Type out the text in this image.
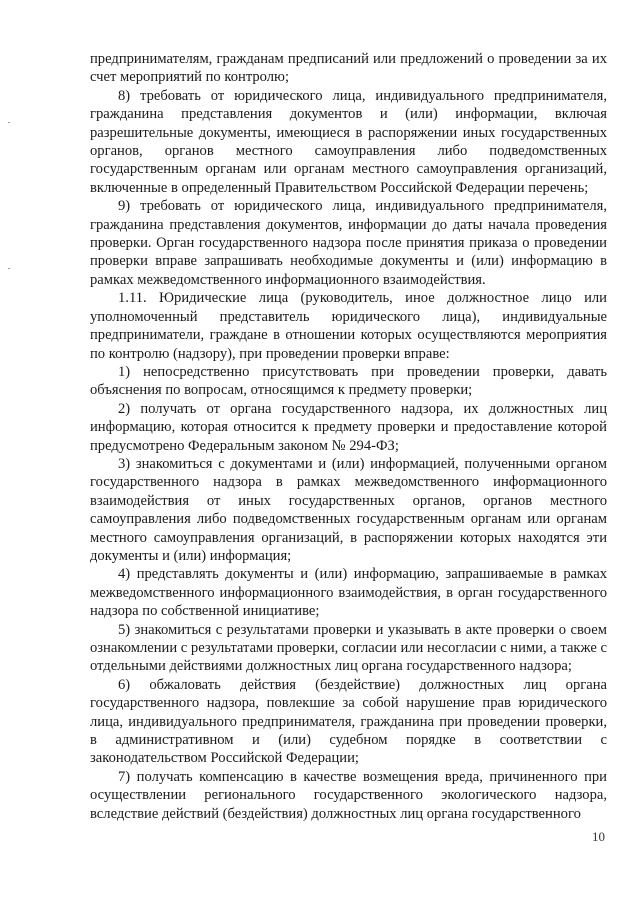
предпринимателям, гражданам предписаний или предложений о проведении за их счет мероприятий по контролю;

8) требовать от юридического лица, индивидуального предпринимателя, гражданина представления документов и (или) информации, включая разрешительные документы, имеющиеся в распоряжении иных государственных органов, органов местного самоуправления либо подведомственных государственным органам или органам местного самоуправления организаций, включенные в определенный Правительством Российской Федерации перечень;

9) требовать от юридического лица, индивидуального предпринимателя, гражданина представления документов, информации до даты начала проведения проверки. Орган государственного надзора после принятия приказа о проведении проверки вправе запрашивать необходимые документы и (или) информацию в рамках межведомственного информационного взаимодействия.

1.11. Юридические лица (руководитель, иное должностное лицо или уполномоченный представитель юридического лица), индивидуальные предприниматели, граждане в отношении которых осуществляются мероприятия по контролю (надзору), при проведении проверки вправе:

1) непосредственно присутствовать при проведении проверки, давать объяснения по вопросам, относящимся к предмету проверки;

2) получать от органа государственного надзора, их должностных лиц информацию, которая относится к предмету проверки и предоставление которой предусмотрено Федеральным законом № 294-ФЗ;

3) знакомиться с документами и (или) информацией, полученными органом государственного надзора в рамках межведомственного информационного взаимодействия от иных государственных органов, органов местного самоуправления либо подведомственных государственным органам или органам местного самоуправления организаций, в распоряжении которых находятся эти документы и (или) информация;

4) представлять документы и (или) информацию, запрашиваемые в рамках межведомственного информационного взаимодействия, в орган государственного надзора по собственной инициативе;

5) знакомиться с результатами проверки и указывать в акте проверки о своем ознакомлении с результатами проверки, согласии или несогласии с ними, а также с отдельными действиями должностных лиц органа государственного надзора;

6) обжаловать действия (бездействие) должностных лиц органа государственного надзора, повлекшие за собой нарушение прав юридического лица, индивидуального предпринимателя, гражданина при проведении проверки, в административном и (или) судебном порядке в соответствии с законодательством Российской Федерации;

7) получать компенсацию в качестве возмещения вреда, причиненного при осуществлении регионального государственного экологического надзора, вследствие действий (бездействия) должностных лиц органа государственного

10
